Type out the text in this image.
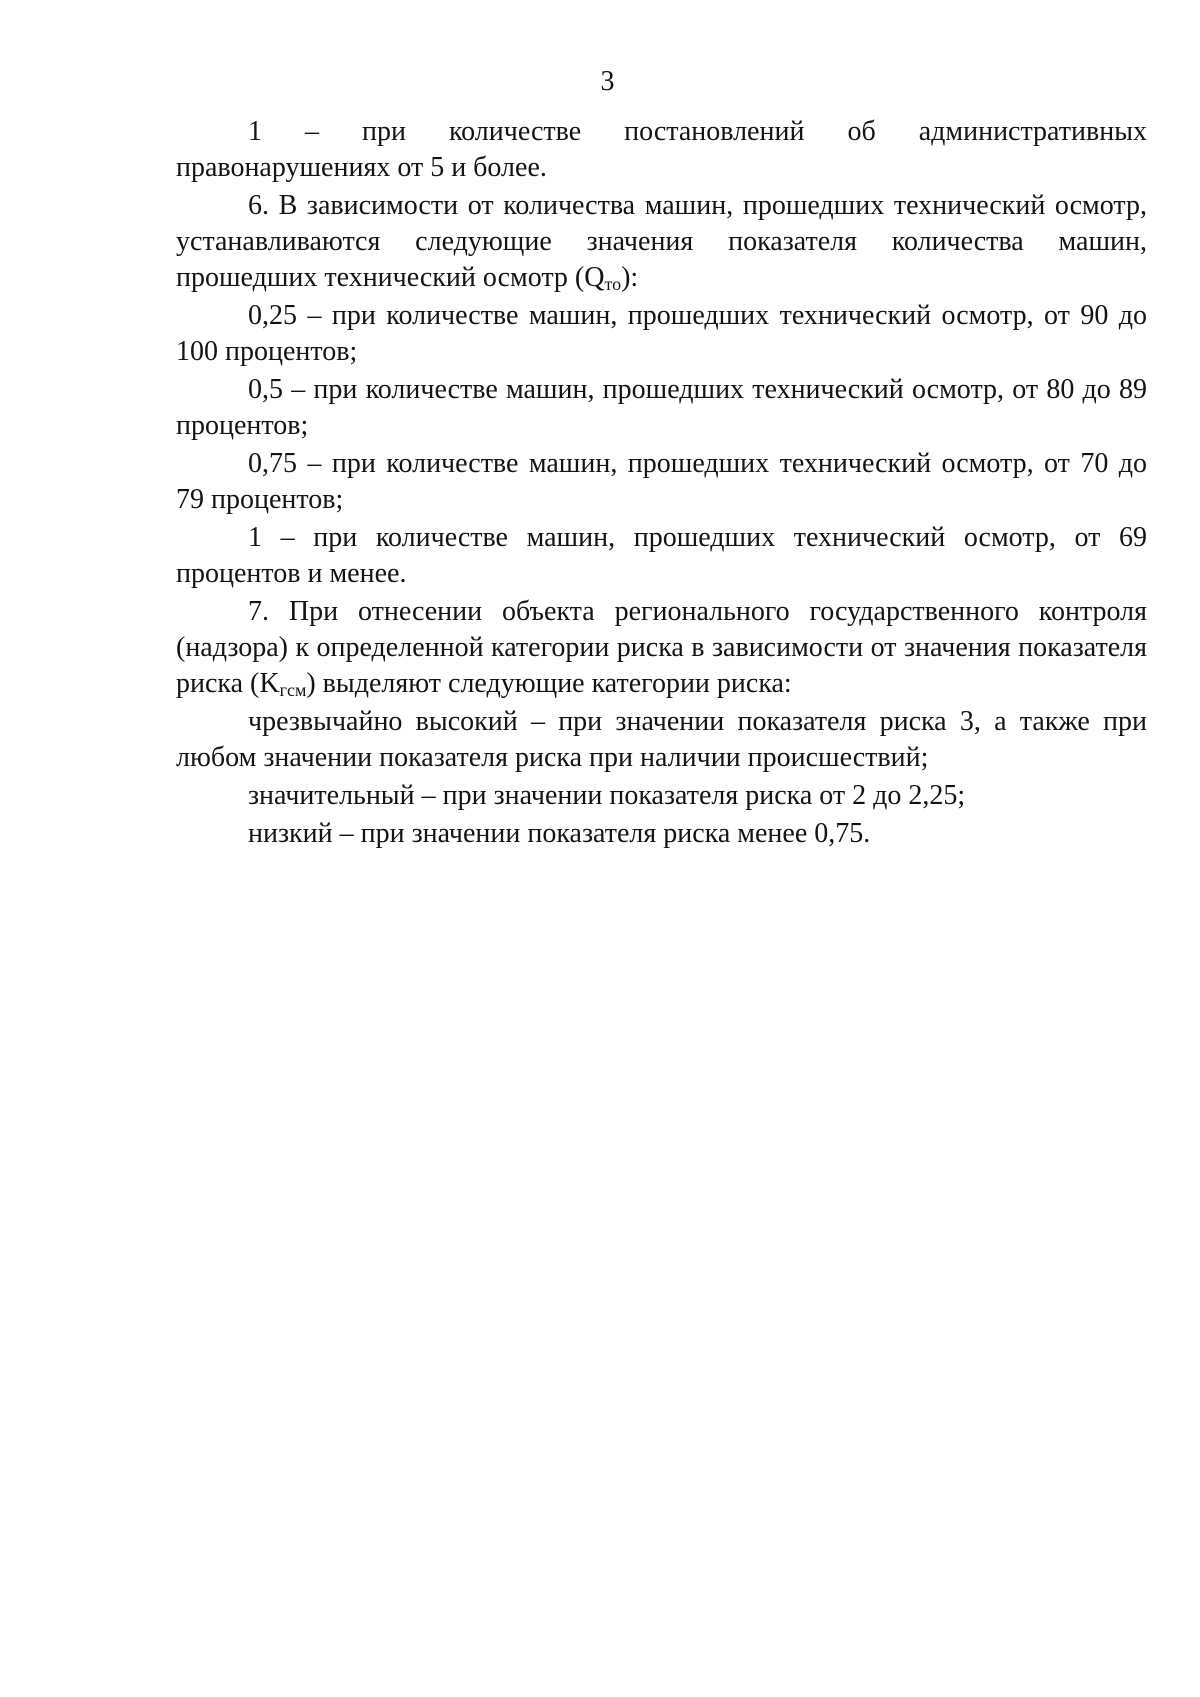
3

1 – при количестве постановлений об административных правонарушениях от 5 и более.

6. В зависимости от количества машин, прошедших технический осмотр, устанавливаются следующие значения показателя количества машин, прошедших технический осмотр $(Q_{то})$:

0,25 – при количестве машин, прошедших технический осмотр, от 90 до 100 процентов;

0,5 – при количестве машин, прошедших технический осмотр, от 80 до 89 процентов;

0,75 – при количестве машин, прошедших технический осмотр, от 70 до 79 процентов;

1 – при количестве машин, прошедших технический осмотр, от 69 процентов и менее.

7. При отнесении объекта регионального государственного контроля (надзора) к определенной категории риска в зависимости от значения показателя риска $(K_{гсм})$ выделяют следующие категории риска:

чрезвычайно высокий – при значении показателя риска 3, а также при любом значении показателя риска при наличии происшествий;

значительный – при значении показателя риска от 2 до 2,25;

низкий – при значении показателя риска менее 0,75.
